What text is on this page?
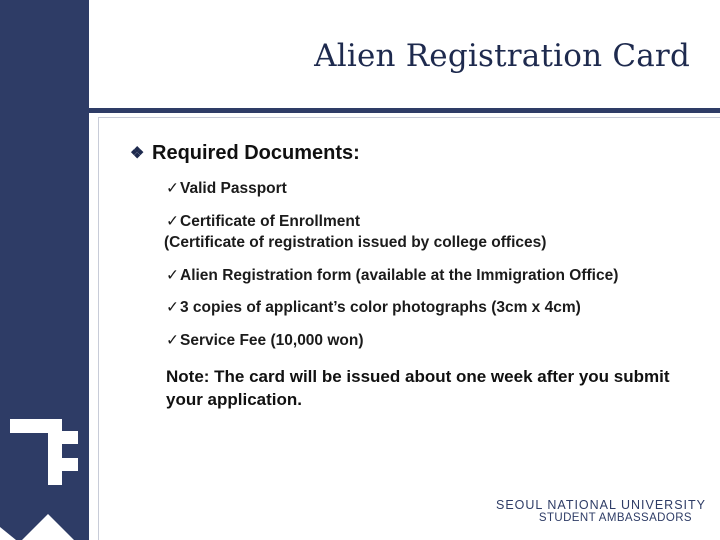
Alien Registration Card
❖ Required Documents:
✓Valid Passport
✓Certificate of Enrollment
(Certificate of registration issued by college offices)
✓Alien Registration form (available at the Immigration Office)
✓3 copies of applicant’s color photographs (3cm x 4cm)
✓Service Fee (10,000 won)
Note: The card will be issued about one week after you submit your application.
SEOUL NATIONAL UNIVERSITY
STUDENT AMBASSADORS
